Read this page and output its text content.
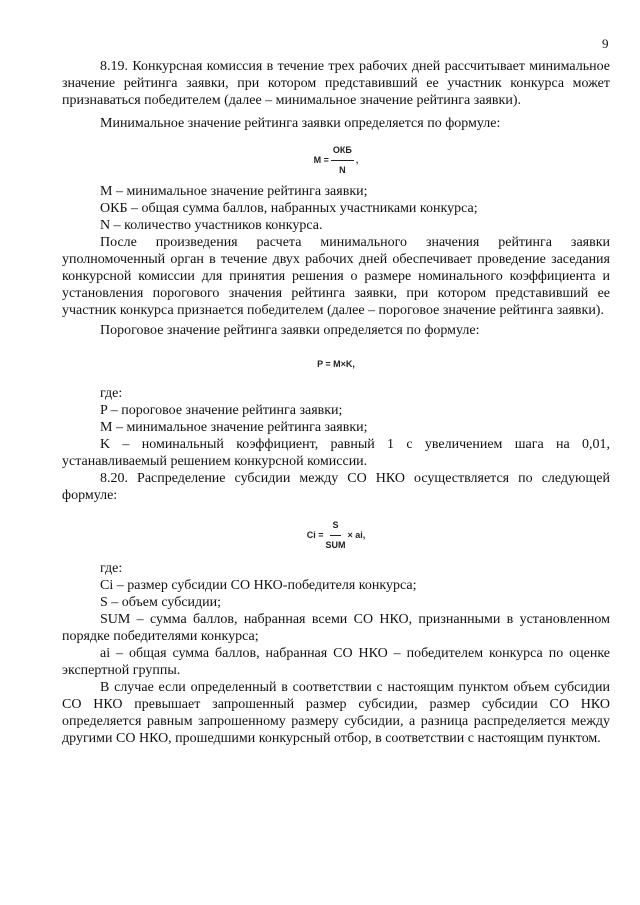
9

8.19. Конкурсная комиссия в течение трех рабочих дней рассчитывает минимальное значение рейтинга заявки, при котором представивший ее участник конкурса может признаваться победителем (далее – минимальное значение рейтинга заявки).

Минимальное значение рейтинга заявки определяется по формуле:

$M = \frac{\text{ОКБ}}{N}$ ,

M – минимальное значение рейтинга заявки;

ОКБ – общая сумма баллов, набранных участниками конкурса;

N – количество участников конкурса.

После произведения расчета минимального значения рейтинга заявки уполномоченный орган в течение двух рабочих дней обеспечивает проведение заседания конкурсной комиссии для принятия решения о размере номинального коэффициента и установления порогового значения рейтинга заявки, при котором представивший ее участник конкурса признается победителем (далее – пороговое значение рейтинга заявки).

Пороговое значение рейтинга заявки определяется по формуле:

P = M×K,

где:

P – пороговое значение рейтинга заявки;

M – минимальное значение рейтинга заявки;

K – номинальный коэффициент, равный 1 с увеличением шага на 0,01, устанавливаемый решением конкурсной комиссии.

8.20. Распределение субсидии между СО НКО осуществляется по следующей формуле:

$Ci = \frac{S}{\text{SUM}}$ × ai,

где:

Ci – размер субсидии СО НКО-победителя конкурса;

S – объем субсидии;

SUM – сумма баллов, набранная всеми СО НКО, признанными в установленном порядке победителями конкурса;

ai – общая сумма баллов, набранная СО НКО – победителем конкурса по оценке экспертной группы.

В случае если определенный в соответствии с настоящим пунктом объем субсидии СО НКО превышает запрошенный размер субсидии, размер субсидии СО НКО определяется равным запрошенному размеру субсидии, а разница распределяется между другими СО НКО, прошедшими конкурсный отбор, в соответствии с настоящим пунктом.
